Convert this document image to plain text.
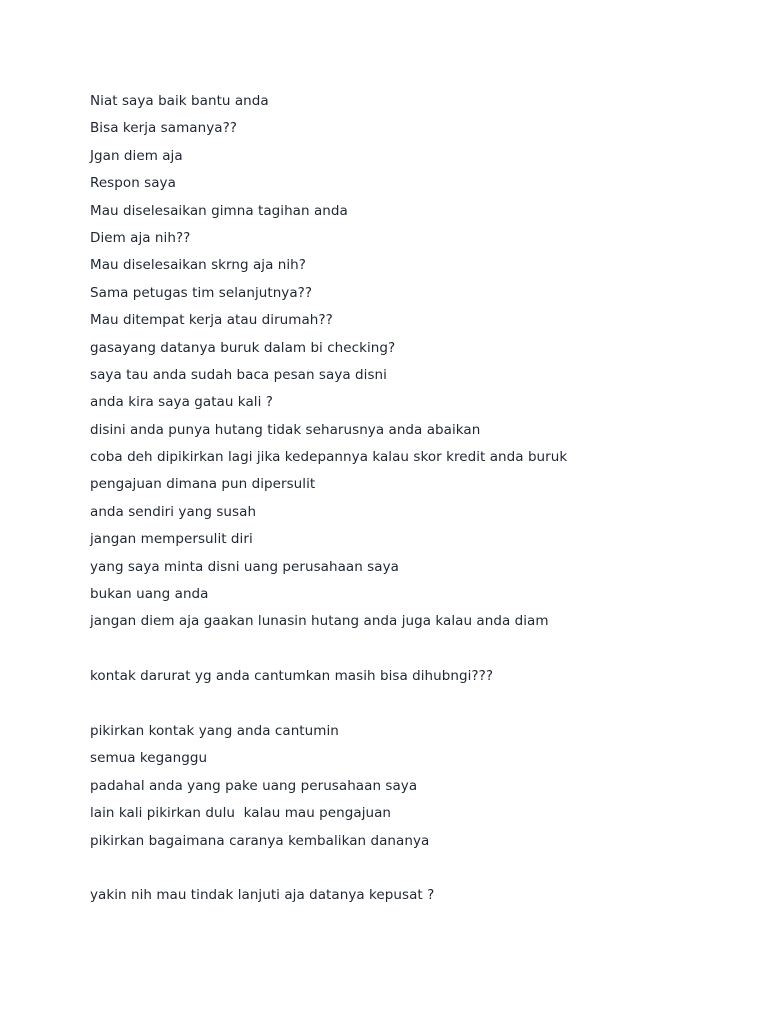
Niat saya baik bantu anda
Bisa kerja samanya??
Jgan diem aja
Respon saya
Mau diselesaikan gimna tagihan anda
Diem aja nih??
Mau diselesaikan skrng aja nih?
Sama petugas tim selanjutnya??
Mau ditempat kerja atau dirumah??
gasayang datanya buruk dalam bi checking?
saya tau anda sudah baca pesan saya disni
anda kira saya gatau kali ?
disini anda punya hutang tidak seharusnya anda abaikan
coba deh dipikirkan lagi jika kedepannya kalau skor kredit anda buruk
pengajuan dimana pun dipersulit
anda sendiri yang susah
jangan mempersulit diri
yang saya minta disni uang perusahaan saya
bukan uang anda
jangan diem aja gaakan lunasin hutang anda juga kalau anda diam
kontak darurat yg anda cantumkan masih bisa dihubngi???
pikirkan kontak yang anda cantumin
semua keganggu
padahal anda yang pake uang perusahaan saya
lain kali pikirkan dulu  kalau mau pengajuan
pikirkan bagaimana caranya kembalikan dananya
yakin nih mau tindak lanjuti aja datanya kepusat ?
